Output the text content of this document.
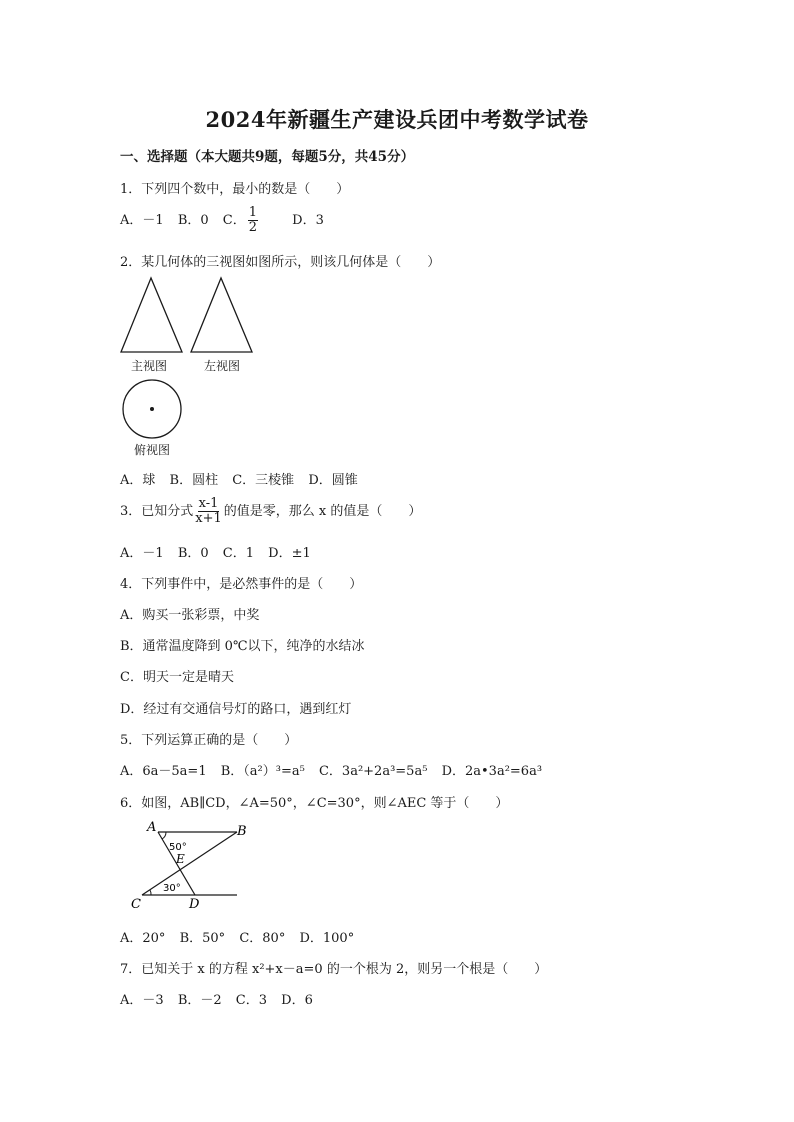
2024年新疆生产建设兵团中考数学试卷
一、选择题（本大题共9题，每题5分，共45分）
1．下列四个数中，最小的数是（　　）
A．－1 B．0 C． $\frac{1}{2}$ D．3
2．某几何体的三视图如图所示，则该几何体是（　　）
主视图	左视图
俯视图
A．球 B．圆柱 C．三棱锥 D．圆锥
3．已知分式 $\frac{x-1}{x+1}$ 的值是零，那么 x 的值是（　　）
A．－1 B．0 C．1 D．±1
4．下列事件中，是必然事件的是（　　）
A．购买一张彩票，中奖
B．通常温度降到 0℃以下，纯净的水结冰
C．明天一定是晴天
D．经过有交通信号灯的路口，遇到红灯
5．下列运算正确的是（　　）
A．6a－5a=1 B．（a²）³=a⁵ C．3a²+2a³=5a⁵ D．2a•3a²=6a³
6．如图，AB∥CD，∠A=50°，∠C=30°，则∠AEC 等于（　　）
A	B
C	D
E
50°
30°
A．20° B．50° C．80° D．100°
7．已知关于 x 的方程 x²+x－a=0 的一个根为 2，则另一个根是（　　）
A．－3 B．－2 C．3 D．6
